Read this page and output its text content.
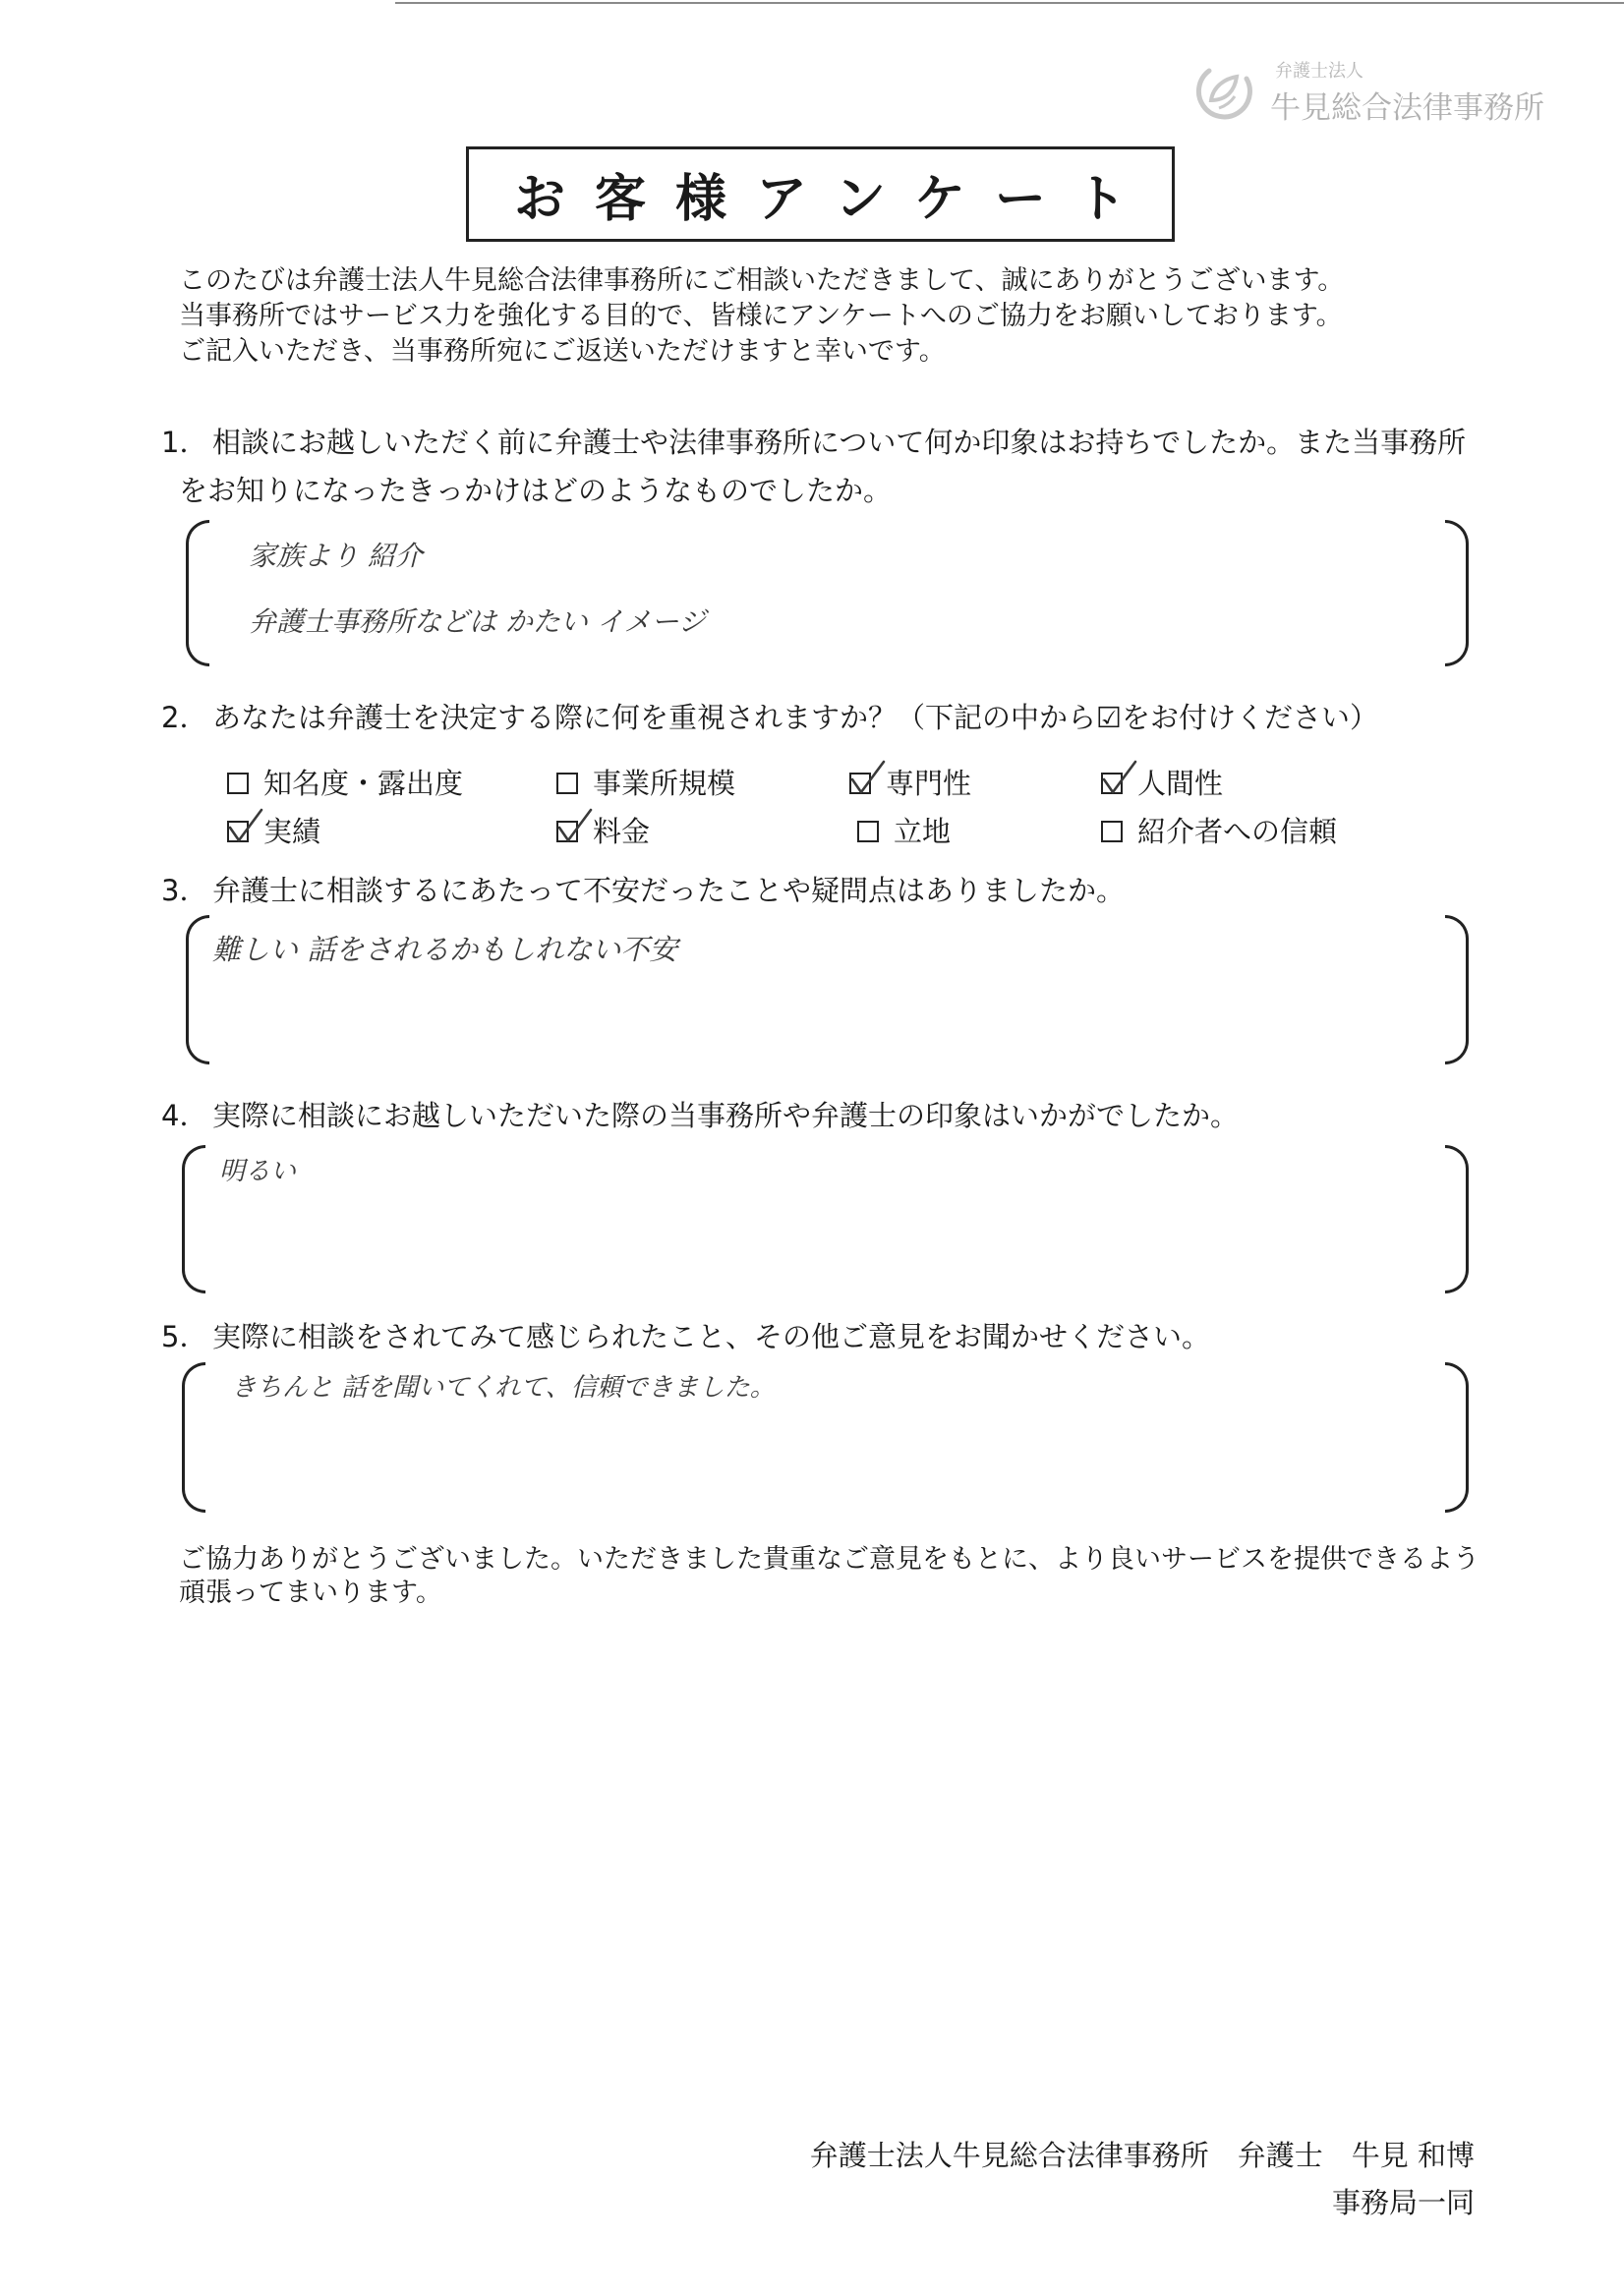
弁護士法人
牛見総合法律事務所
お客様アンケート
このたびは弁護士法人牛見総合法律事務所にご相談いただきまして、誠にありがとうございます。
当事務所ではサービス力を強化する目的で、皆様にアンケートへのご協力をお願いしております。
ご記入いただき、当事務所宛にご返送いただけますと幸いです。
1． 相談にお越しいただく前に弁護士や法律事務所について何か印象はお持ちでしたか。また当事務所
をお知りになったきっかけはどのようなものでしたか。
家族より 紹介
弁護士事務所などは かたい イメージ
2． あなたは弁護士を決定する際に何を重視されますか？（下記の中から☑をお付けください）
知名度・露出度	事業所規模	専門性	人間性
実績	料金	立地	紹介者への信頼
3． 弁護士に相談するにあたって不安だったことや疑問点はありましたか。
難しい 話をされるかもしれない不安
4． 実際に相談にお越しいただいた際の当事務所や弁護士の印象はいかがでしたか。
明るい
5． 実際に相談をされてみて感じられたこと、その他ご意見をお聞かせください。
きちんと 話を聞いてくれて、信頼できました。
ご協力ありがとうございました。いただきました貴重なご意見をもとに、より良いサービスを提供できるよう
頑張ってまいります。
弁護士法人牛見総合法律事務所　弁護士　牛見 和博
事務局一同
